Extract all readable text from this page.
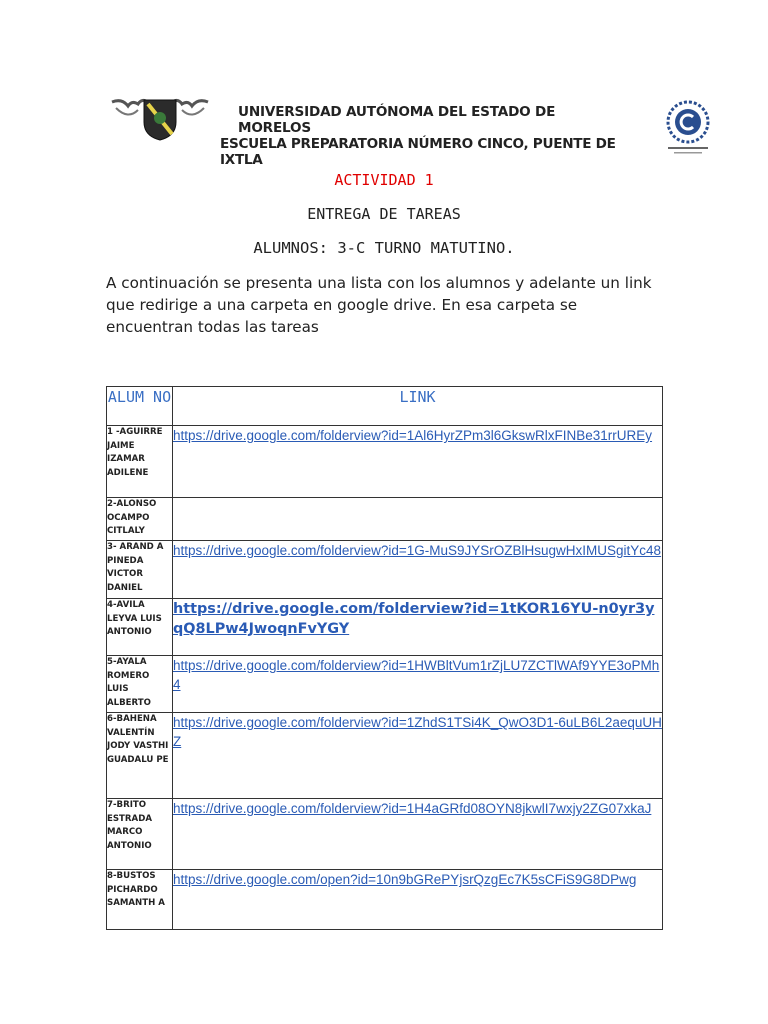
UNIVERSIDAD AUTÓNOMA DEL ESTADO DE MORELOS
ESCUELA PREPARATORIA NÚMERO CINCO, PUENTE DE IXTLA
ACTIVIDAD 1
ENTREGA DE TAREAS
ALUMNOS: 3-C TURNO MATUTINO.
A continuación se presenta una lista con los alumnos y adelante un link que redirige a una carpeta en google drive. En esa carpeta se encuentran todas las tareas
ALUM NO	LINK
1 -AGUIRRE JAIME IZAMAR ADILENE	https://drive.google.com/folderview?id=1Al6HyrZPm3l6GkswRlxFINBe31rrUREy

2-ALONSO OCAMPO CITLALY	

3- ARAND A PINEDA VICTOR DANIEL	https://drive.google.com/folderview?id=1G-MuS9JYSrOZBlHsugwHxIMUSgitYc48

4-AVILA LEYVA LUIS ANTONIO	https://drive.google.com/folderview?id=1tKOR16YU-n0yr3yqQ8LPw4JwoqnFvYGY

5-AYALA ROMERO LUIS ALBERTO	https://drive.google.com/folderview?id=1HWBltVum1rZjLU7ZCTlWAf9YYE3oPMh4

6-BAHENA VALENTÍN JODY VASTHI GUADALU PE	https://drive.google.com/folderview?id=1ZhdS1TSi4K_QwO3D1-6uLB6L2aequUHZ

7-BRITO ESTRADA MARCO ANTONIO	https://drive.google.com/folderview?id=1H4aGRfd08OYN8jkwlI7wxjy2ZG07xkaJ

8-BUSTOS PICHARDO SAMANTH A	https://drive.google.com/open?id=10n9bGRePYjsrQzgEc7K5sCFiS9G8DPwg
